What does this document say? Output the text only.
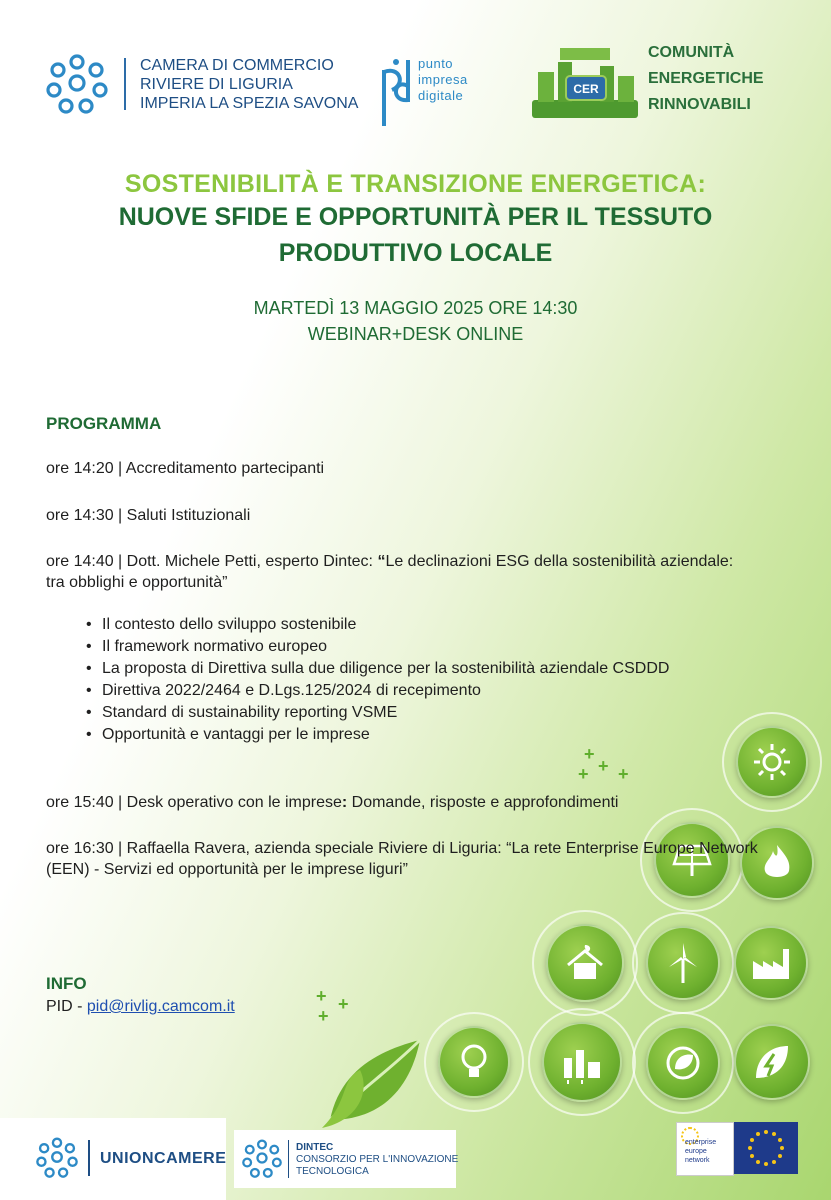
CAMERA DI COMMERCIO
RIVIERE DI LIGURIA
IMPERIA LA SPEZIA SAVONA
punto
impresa
digitale	CER
COMUNITÀ
ENERGETICHE
RINNOVABILI
SOSTENIBILITÀ E TRANSIZIONE ENERGETICA:
NUOVE SFIDE E OPPORTUNITÀ PER IL TESSUTO
PRODUTTIVO LOCALE
MARTEDÌ 13 MAGGIO 2025 ORE 14:30
WEBINAR+DESK ONLINE
+
+
+ +
+ +
+
PROGRAMMA
ore 14:20 | Accreditamento partecipanti
ore 14:30 | Saluti Istituzionali
ore 14:40 | Dott. Michele Petti, esperto Dintec: “Le declinazioni ESG della sostenibilità aziendale: tra obblighi e opportunità”
• Il contesto dello sviluppo sostenibile
• Il framework normativo europeo
• La proposta di Direttiva sulla due diligence per la sostenibilità aziendale CSDDD
• Direttiva 2022/2464 e D.Lgs.125/2024 di recepimento
• Standard di sustainability reporting VSME
• Opportunità e vantaggi per le imprese
ore 15:40 | Desk operativo con le imprese: Domande, risposte e approfondimenti
ore 16:30 | Raffaella Ravera, azienda speciale Riviere di Liguria: “La rete Enterprise Europe Network (EEN) - Servizi ed opportunità per le imprese liguri”
INFO
PID - pid@rivlig.camcom.it
UNIONCAMERE
DINTEC
CONSORZIO PER L'INNOVAZIONE
TECNOLOGICA
enterprise
europe
network
